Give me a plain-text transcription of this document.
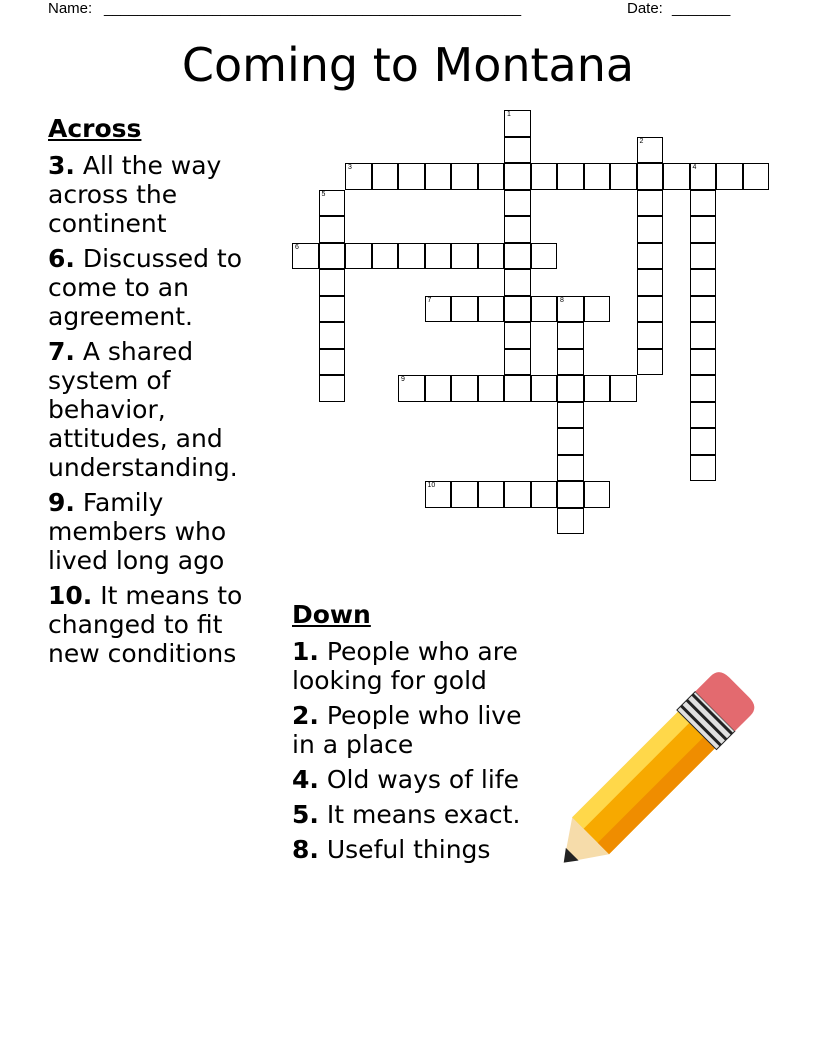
Name: __________________________________________________	Date: _______
Coming to Montana
1
2
3	4
5
6
7	8
9
10
Across
3. All the way across the continent
6. Discussed to come to an agreement.
7. A shared system of behavior, attitudes, and understanding.
9. Family members who lived long ago
10. It means to changed to fit new conditions
Down
1. People who are looking for gold
2. People who live in a place
4. Old ways of life
5. It means exact.
8. Useful things
